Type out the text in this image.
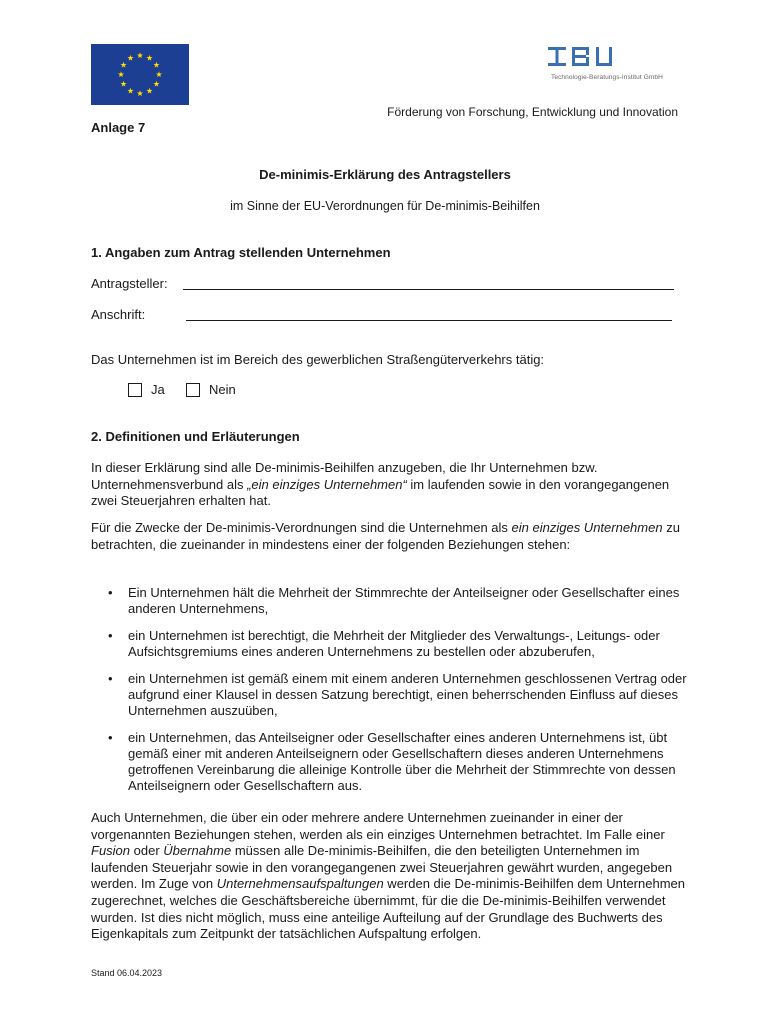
Technologie-Beratungs-Institut GmbH
Förderung von Forschung, Entwicklung und Innovation
Anlage 7
De-minimis-Erklärung des Antragstellers
im Sinne der EU-Verordnungen für De-minimis-Beihilfen
1. Angaben zum Antrag stellenden Unternehmen
Antragsteller:
Anschrift:
Das Unternehmen ist im Bereich des gewerblichen Straßengüterverkehrs tätig:
Ja	Nein
2. Definitionen und Erläuterungen
In dieser Erklärung sind alle De-minimis-Beihilfen anzugeben, die Ihr Unternehmen bzw. Unternehmensverbund als „ein einziges Unternehmen“ im laufenden sowie in den vorangegangenen zwei Steuerjahren erhalten hat.
Für die Zwecke der De-minimis-Verordnungen sind die Unternehmen als ein einziges Unternehmen zu betrachten, die zueinander in mindestens einer der folgenden Beziehungen stehen:
• Ein Unternehmen hält die Mehrheit der Stimmrechte der Anteilseigner oder Gesellschafter eines anderen Unternehmens,
• ein Unternehmen ist berechtigt, die Mehrheit der Mitglieder des Verwaltungs-, Leitungs- oder Aufsichtsgremiums eines anderen Unternehmens zu bestellen oder abzuberufen,
• ein Unternehmen ist gemäß einem mit einem anderen Unternehmen geschlossenen Vertrag oder aufgrund einer Klausel in dessen Satzung berechtigt, einen beherrschenden Einfluss auf dieses Unternehmen auszuüben,
• ein Unternehmen, das Anteilseigner oder Gesellschafter eines anderen Unternehmens ist, übt gemäß einer mit anderen Anteilseignern oder Gesellschaftern dieses anderen Unternehmens getroffenen Vereinbarung die alleinige Kontrolle über die Mehrheit der Stimmrechte von dessen Anteilseignern oder Gesellschaftern aus.
Auch Unternehmen, die über ein oder mehrere andere Unternehmen zueinander in einer der vorgenannten Beziehungen stehen, werden als ein einziges Unternehmen betrachtet. Im Falle einer Fusion oder Übernahme müssen alle De-minimis-Beihilfen, die den beteiligten Unternehmen im laufenden Steuerjahr sowie in den vorangegangenen zwei Steuerjahren gewährt wurden, angegeben werden. Im Zuge von Unternehmensaufspaltungen werden die De-minimis-Beihilfen dem Unternehmen zugerechnet, welches die Geschäftsbereiche übernimmt, für die die De-minimis-Beihilfen verwendet wurden. Ist dies nicht möglich, muss eine anteilige Aufteilung auf der Grundlage des Buchwerts des Eigenkapitals zum Zeitpunkt der tatsächlichen Aufspaltung erfolgen.
Stand 06.04.2023
